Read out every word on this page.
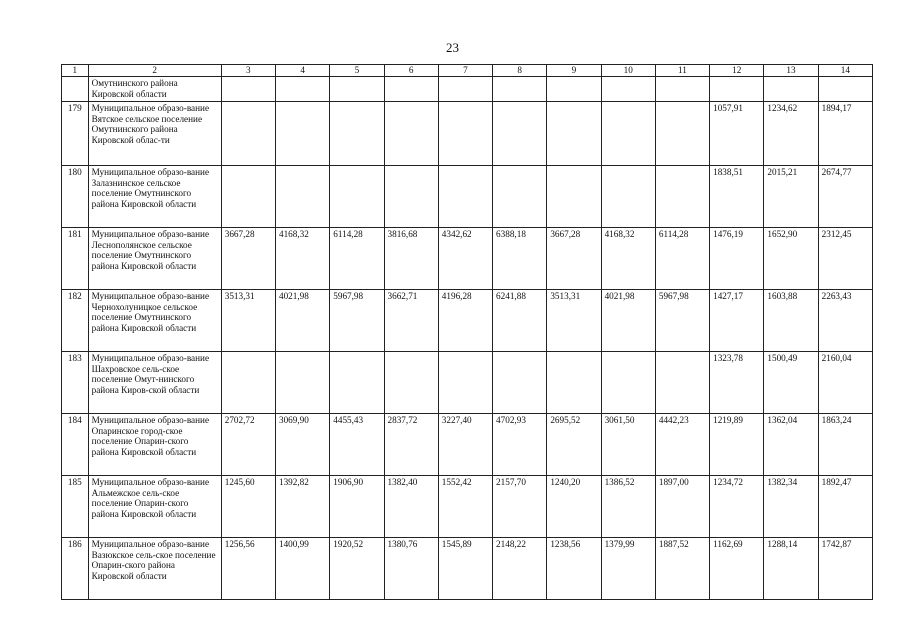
23
1	2	3	4	5	6	7	8	9	10	11	12	13	14
	Омутнинского района Кировской области												
179	Муниципальное образо-вание Вятское сельское поселение Омутнинского района Кировской облас-ти										1057,91	1234,62	1894,17
180	Муниципальное образо-вание Залазнинское сельское поселение Омутнинского района Кировской области										1838,51	2015,21	2674,77
181	Муниципальное образо-вание Леснополянское сельское поселение Омутнинского района Кировской области	3667,28	4168,32	6114,28	3816,68	4342,62	6388,18	3667,28	4168,32	6114,28	1476,19	1652,90	2312,45
182	Муниципальное образо-вание Чернохолуницкое сельское поселение Омутнинского района Кировской области	3513,31	4021,98	5967,98	3662,71	4196,28	6241,88	3513,31	4021,98	5967,98	1427,17	1603,88	2263,43
183	Муниципальное образо-вание Шахровское сель-ское поселение Омут-нинского района Киров-ской области										1323,78	1500,49	2160,04
184	Муниципальное образо-вание Опаринское город-ское поселение Опарин-ского района Кировской области	2702,72	3069,90	4455,43	2837,72	3227,40	4702,93	2695,52	3061,50	4442,23	1219,89	1362,04	1863,24
185	Муниципальное образо-вание Альмежское сель-ское поселение Опарин-ского района Кировской области	1245,60	1392,82	1906,90	1382,40	1552,42	2157,70	1240,20	1386,52	1897,00	1234,72	1382,34	1892,47
186	Муниципальное образо-вание Вазюкское сель-ское поселение Опарин-ского района Кировской области	1256,56	1400,99	1920,52	1380,76	1545,89	2148,22	1238,56	1379,99	1887,52	1162,69	1288,14	1742,87
